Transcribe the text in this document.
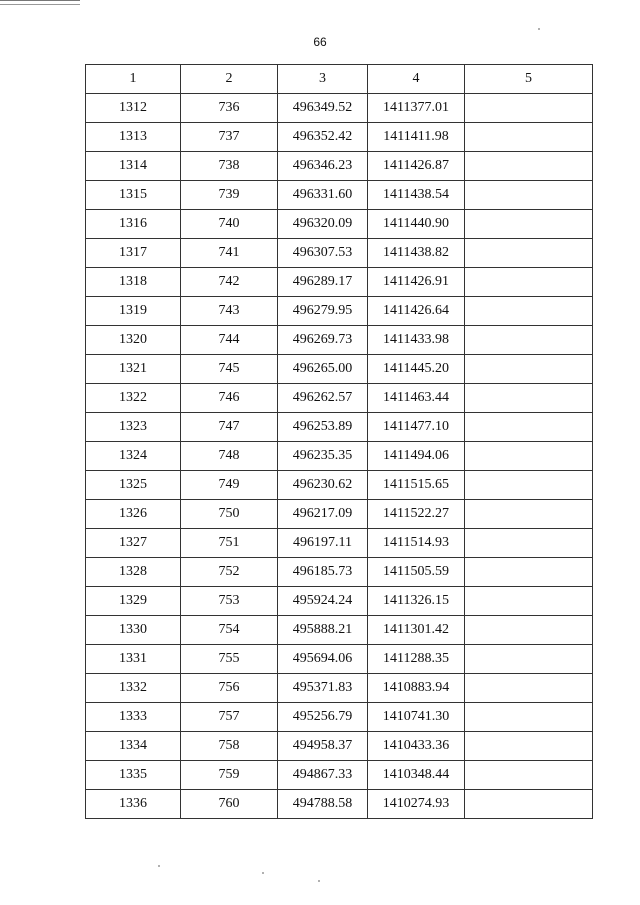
66
1	2	3	4	5
1312	736	496349.52	1411377.01	
1313	737	496352.42	1411411.98	
1314	738	496346.23	1411426.87	
1315	739	496331.60	1411438.54	
1316	740	496320.09	1411440.90	
1317	741	496307.53	1411438.82	
1318	742	496289.17	1411426.91	
1319	743	496279.95	1411426.64	
1320	744	496269.73	1411433.98	
1321	745	496265.00	1411445.20	
1322	746	496262.57	1411463.44	
1323	747	496253.89	1411477.10	
1324	748	496235.35	1411494.06	
1325	749	496230.62	1411515.65	
1326	750	496217.09	1411522.27	
1327	751	496197.11	1411514.93	
1328	752	496185.73	1411505.59	
1329	753	495924.24	1411326.15	
1330	754	495888.21	1411301.42	
1331	755	495694.06	1411288.35	
1332	756	495371.83	1410883.94	
1333	757	495256.79	1410741.30	
1334	758	494958.37	1410433.36	
1335	759	494867.33	1410348.44	
1336	760	494788.58	1410274.93	
